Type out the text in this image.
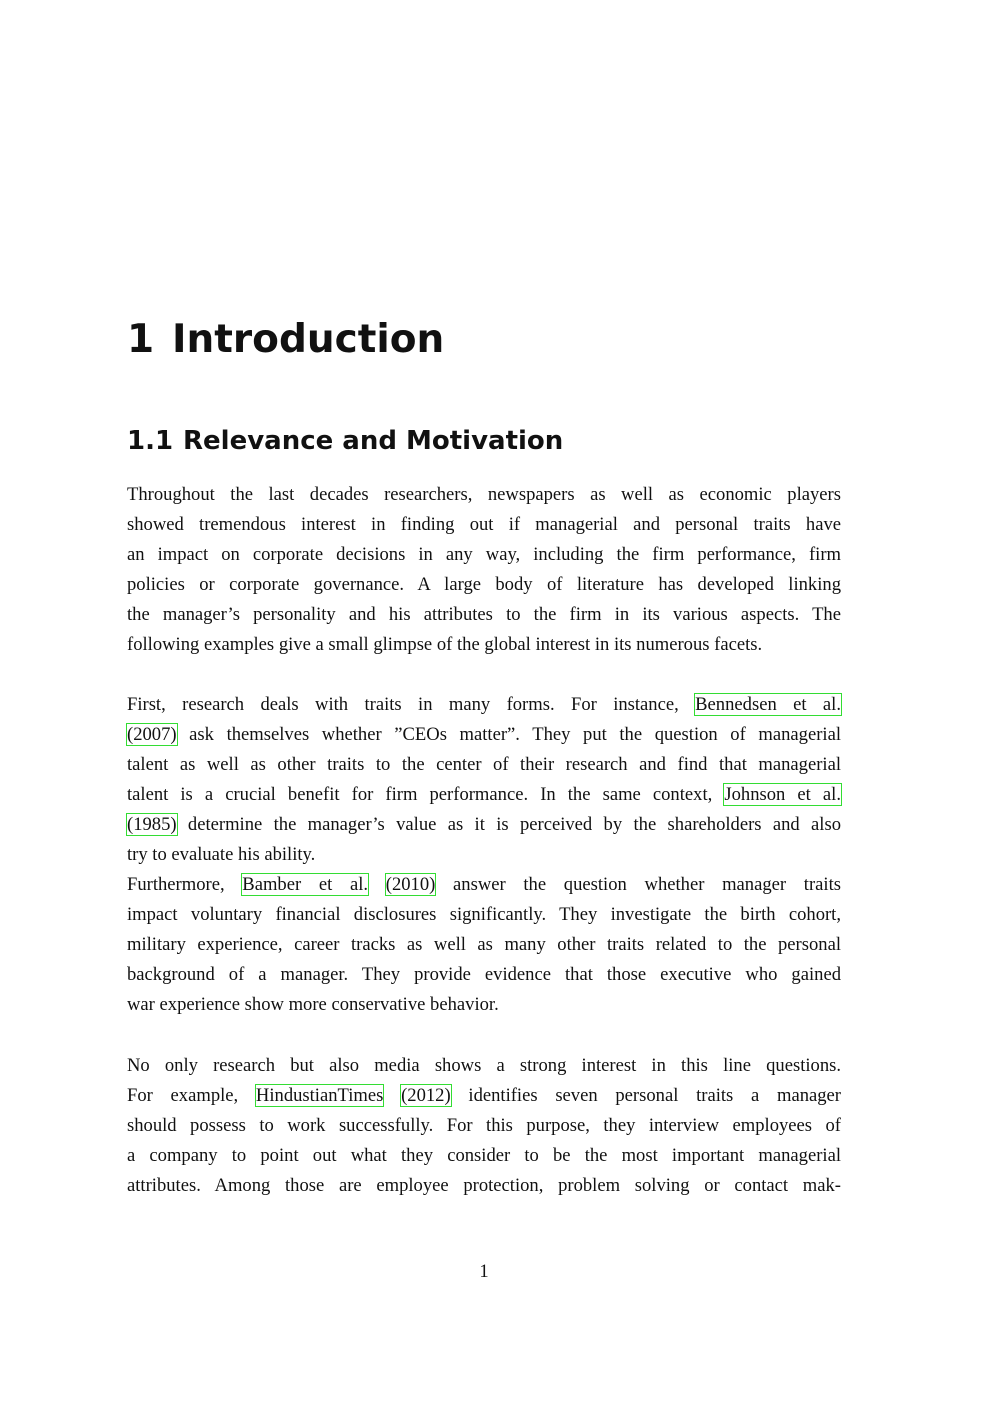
1 Introduction
1.1 Relevance and Motivation
Throughout the last decades researchers, newspapers as well as economic players
showed tremendous interest in finding out if managerial and personal traits have
an impact on corporate decisions in any way, including the firm performance, firm
policies or corporate governance. A large body of literature has developed linking
the manager’s personality and his attributes to the firm in its various aspects. The
following examples give a small glimpse of the global interest in its numerous facets.
First, research deals with traits in many forms. For instance, Bennedsen et al.
(2007) ask themselves whether ”CEOs matter”. They put the question of managerial
talent as well as other traits to the center of their research and find that managerial
talent is a crucial benefit for firm performance. In the same context, Johnson et al.
(1985) determine the manager’s value as it is perceived by the shareholders and also
try to evaluate his ability.
Furthermore, Bamber et al. (2010) answer the question whether manager traits
impact voluntary financial disclosures significantly. They investigate the birth cohort,
military experience, career tracks as well as many other traits related to the personal
background of a manager. They provide evidence that those executive who gained
war experience show more conservative behavior.
No only research but also media shows a strong interest in this line questions.
For example, HindustianTimes (2012) identifies seven personal traits a manager
should possess to work successfully. For this purpose, they interview employees of
a company to point out what they consider to be the most important managerial
attributes. Among those are employee protection, problem solving or contact mak-
1
